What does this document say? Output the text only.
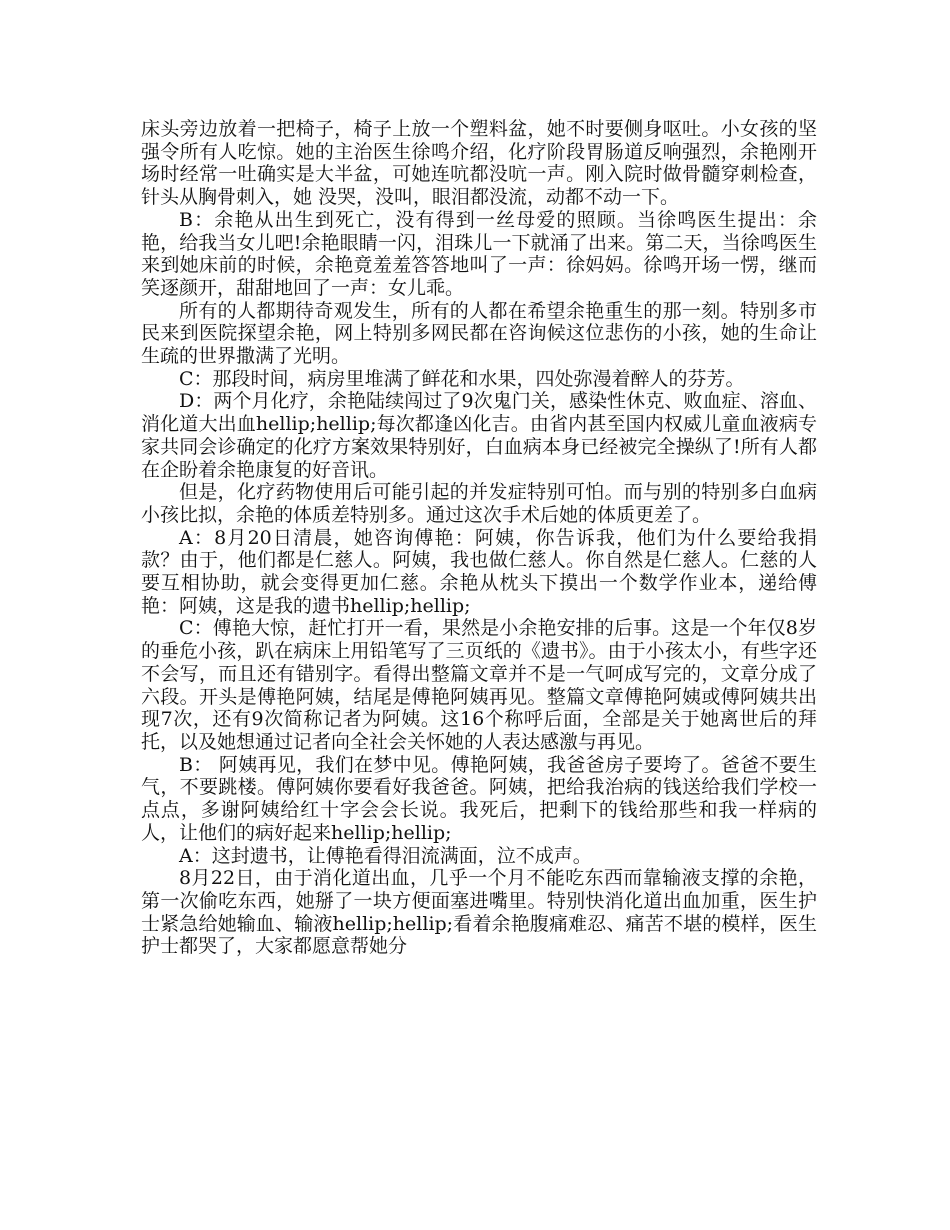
床头旁边放着一把椅子，椅子上放一个塑料盆，她不时要侧身呕吐。小女孩的坚强令所有人吃惊。她的主治医生徐鸣介绍，化疗阶段胃肠道反响强烈，余艳刚开场时经常一吐确实是大半盆，可她连吭都没吭一声。刚入院时做骨髓穿刺检查，针头从胸骨刺入，她 没哭，没叫，眼泪都没流，动都不动一下。

B：余艳从出生到死亡，没有得到一丝母爱的照顾。当徐鸣医生提出：余艳，给我当女儿吧!余艳眼睛一闪，泪珠儿一下就涌了出来。第二天，当徐鸣医生来到她床前的时候，余艳竟羞羞答答地叫了一声：徐妈妈。徐鸣开场一愣，继而笑逐颜开，甜甜地回了一声：女儿乖。

所有的人都期待奇观发生，所有的人都在希望余艳重生的那一刻。特别多市民来到医院探望余艳，网上特别多网民都在咨询候这位悲伤的小孩，她的生命让生疏的世界撒满了光明。

C：那段时间，病房里堆满了鲜花和水果，四处弥漫着醉人的芬芳。

D：两个月化疗，余艳陆续闯过了9次鬼门关，感染性休克、败血症、溶血、消化道大出血hellip;hellip;每次都逢凶化吉。由省内甚至国内权威儿童血液病专家共同会诊确定的化疗方案效果特别好，白血病本身已经被完全操纵了!所有人都在企盼着余艳康复的好音讯。

但是，化疗药物使用后可能引起的并发症特别可怕。而与别的特别多白血病小孩比拟，余艳的体质差特别多。通过这次手术后她的体质更差了。

A：8月20日清晨，她咨询傅艳：阿姨，你告诉我，他们为什么要给我捐款？由于，他们都是仁慈人。阿姨，我也做仁慈人。你自然是仁慈人。仁慈的人要互相协助，就会变得更加仁慈。余艳从枕头下摸出一个数学作业本，递给傅艳：阿姨，这是我的遗书hellip;hellip;

C：傅艳大惊，赶忙打开一看，果然是小余艳安排的后事。这是一个年仅8岁的垂危小孩，趴在病床上用铅笔写了三页纸的《遗书》。由于小孩太小，有些字还不会写，而且还有错别字。看得出整篇文章并不是一气呵成写完的，文章分成了六段。开头是傅艳阿姨，结尾是傅艳阿姨再见。整篇文章傅艳阿姨或傅阿姨共出现7次，还有9次简称记者为阿姨。这16个称呼后面，全部是关于她离世后的拜托，以及她想通过记者向全社会关怀她的人表达感激与再见。

B： 阿姨再见，我们在梦中见。傅艳阿姨，我爸爸房子要垮了。爸爸不要生气，不要跳楼。傅阿姨你要看好我爸爸。阿姨，把给我治病的钱送给我们学校一点点，多谢阿姨给红十字会会长说。我死后，把剩下的钱给那些和我一样病的人，让他们的病好起来hellip;hellip;

A：这封遗书，让傅艳看得泪流满面，泣不成声。

8月22日，由于消化道出血，几乎一个月不能吃东西而靠输液支撑的余艳，第一次偷吃东西，她掰了一块方便面塞进嘴里。特别快消化道出血加重，医生护士紧急给她输血、输液hellip;hellip;看着余艳腹痛难忍、痛苦不堪的模样，医生护士都哭了，大家都愿意帮她分
